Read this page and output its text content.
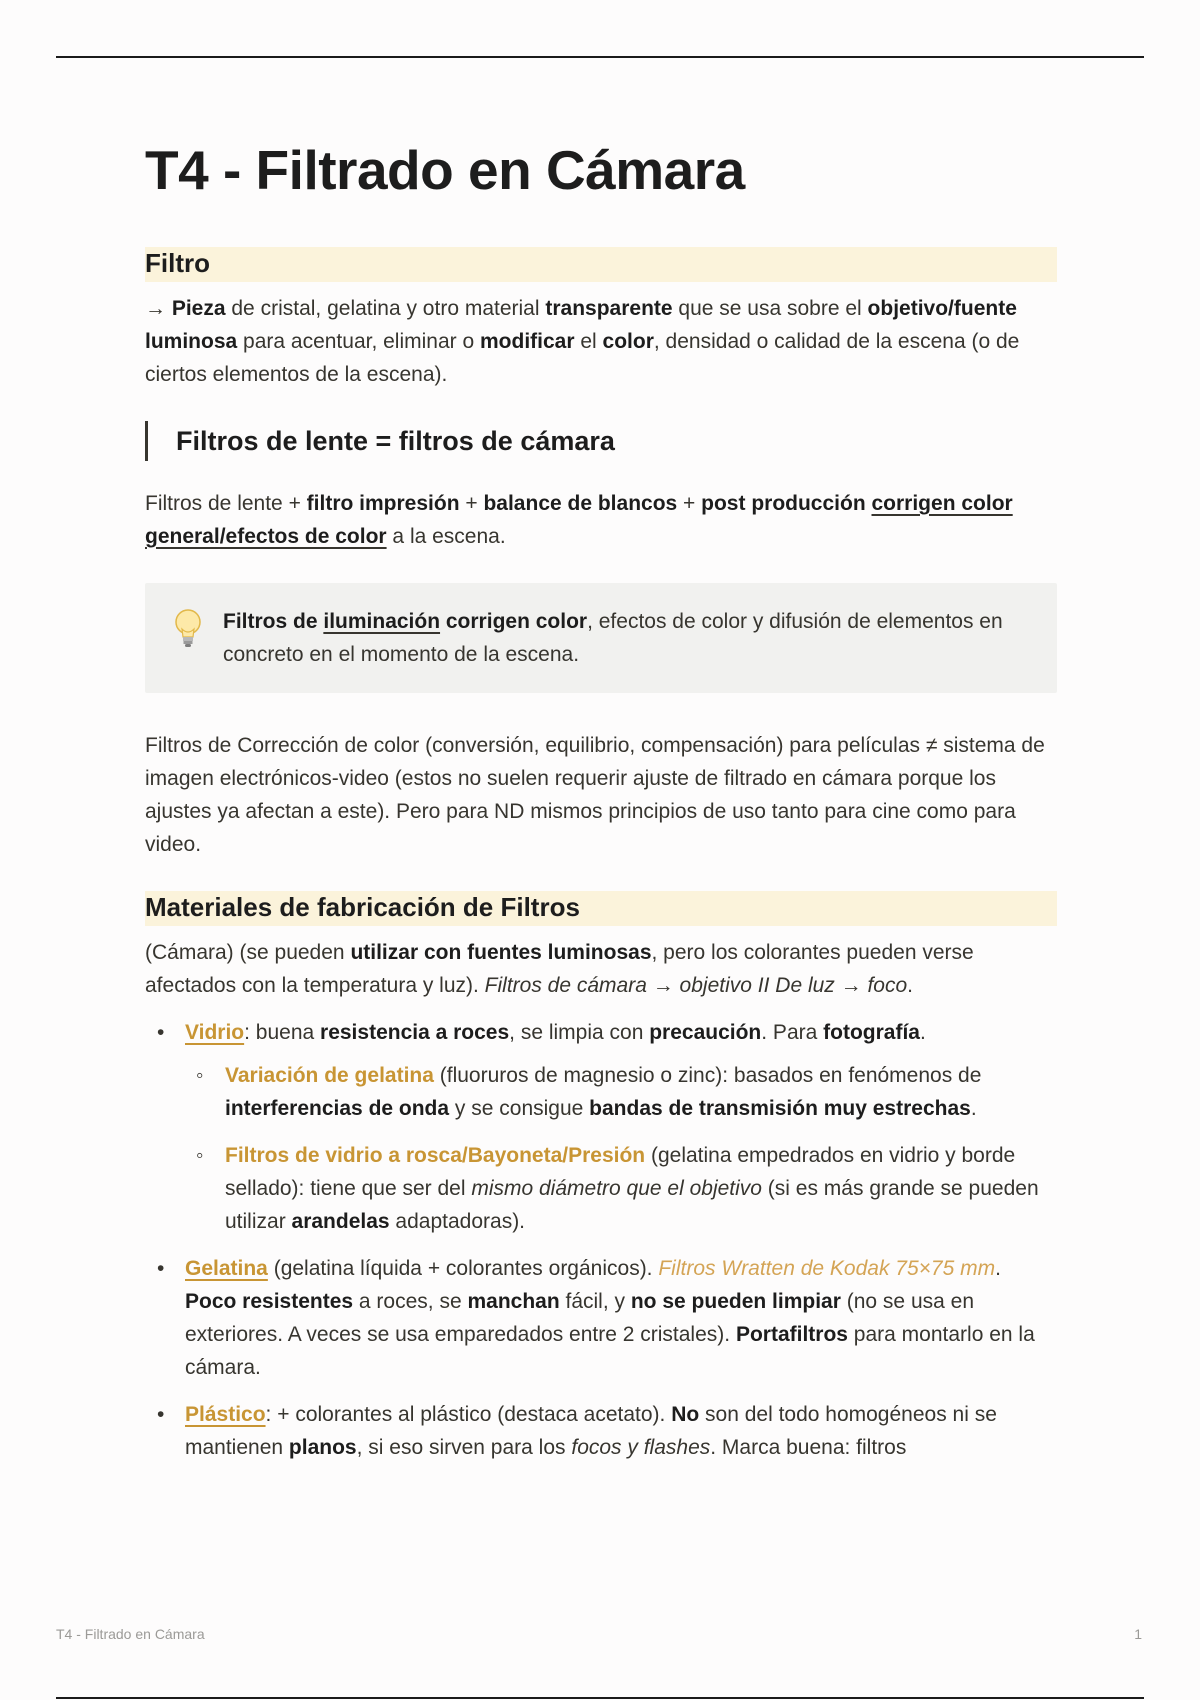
T4 - Filtrado en Cámara
Filtro

→ Pieza de cristal, gelatina y otro material transparente que se usa sobre el objetivo/fuente luminosa para acentuar, eliminar o modificar el color, densidad o calidad de la escena (o de ciertos elementos de la escena).

Filtros de lente = filtros de cámara

Filtros de lente + filtro impresión + balance de blancos + post producción corrigen color general/efectos de color a la escena.

Filtros de iluminación corrigen color, efectos de color y difusión de elementos en concreto en el momento de la escena.

Filtros de Corrección de color (conversión, equilibrio, compensación) para películas ≠ sistema de imagen electrónicos-video (estos no suelen requerir ajuste de filtrado en cámara porque los ajustes ya afectan a este). Pero para ND mismos principios de uso tanto para cine como para video.

Materiales de fabricación de Filtros

(Cámara) (se pueden utilizar con fuentes luminosas, pero los colorantes pueden verse afectados con la temperatura y luz). Filtros de cámara → objetivo II De luz → foco.

• Vidrio: buena resistencia a roces, se limpia con precaución. Para fotografía.
◦ Variación de gelatina (fluoruros de magnesio o zinc): basados en fenómenos de interferencias de onda y se consigue bandas de transmisión muy estrechas.
◦ Filtros de vidrio a rosca/Bayoneta/Presión (gelatina empedrados en vidrio y borde sellado): tiene que ser del mismo diámetro que el objetivo (si es más grande se pueden utilizar arandelas adaptadoras).
• Gelatina (gelatina líquida + colorantes orgánicos). Filtros Wratten de Kodak 75×75 mm. Poco resistentes a roces, se manchan fácil, y no se pueden limpiar (no se usa en exteriores. A veces se usa emparedados entre 2 cristales). Portafiltros para montarlo en la cámara.
• Plástico: + colorantes al plástico (destaca acetato). No son del todo homogéneos ni se mantienen planos, si eso sirven para los focos y flashes. Marca buena: filtros
T4 - Filtrado en Cámara	1
